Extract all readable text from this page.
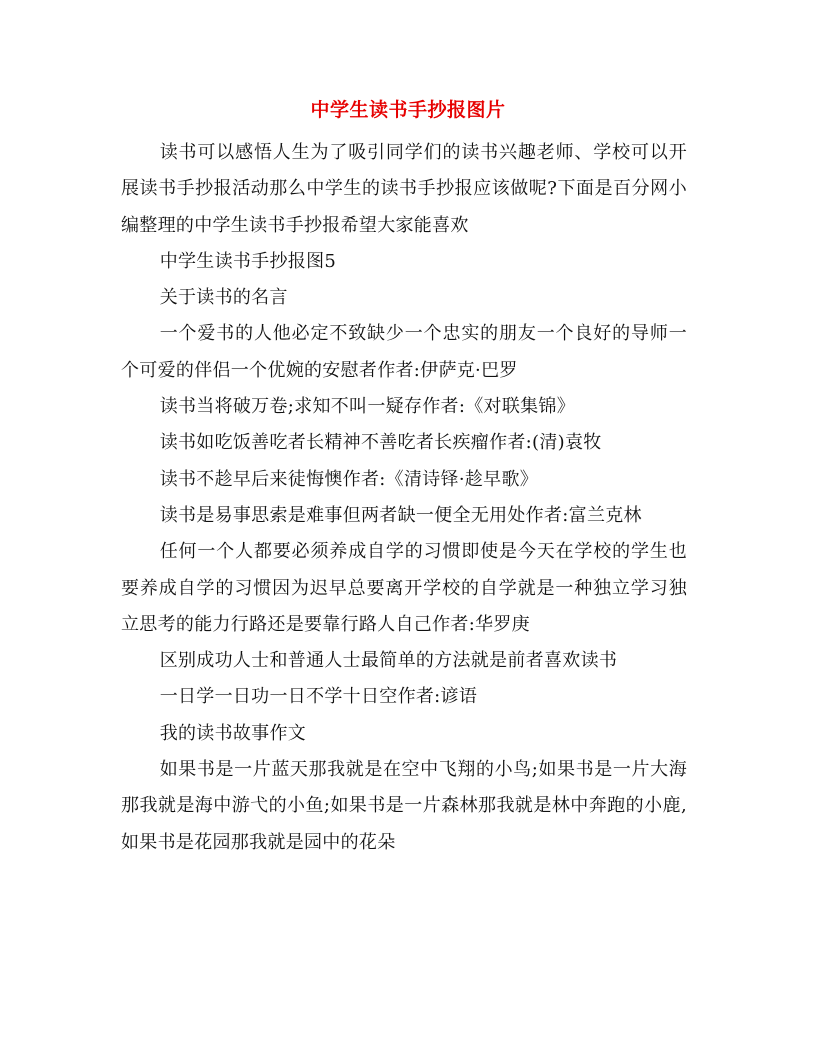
中学生读书手抄报图片

读书可以感悟人生为了吸引同学们的读书兴趣老师、学校可以开展读书手抄报活动那么中学生的读书手抄报应该做呢?下面是百分网小编整理的中学生读书手抄报希望大家能喜欢

中学生读书手抄报图5

关于读书的名言

一个爱书的人他必定不致缺少一个忠实的朋友一个良好的导师一个可爱的伴侣一个优婉的安慰者作者:伊萨克·巴罗

读书当将破万卷;求知不叫一疑存作者:《对联集锦》

读书如吃饭善吃者长精神不善吃者长疾瘤作者:(清)袁牧

读书不趁早后来徒悔懊作者:《清诗铎·趁早歌》

读书是易事思索是难事但两者缺一便全无用处作者:富兰克林

任何一个人都要必须养成自学的习惯即使是今天在学校的学生也要养成自学的习惯因为迟早总要离开学校的自学就是一种独立学习独立思考的能力行路还是要靠行路人自己作者:华罗庚

区别成功人士和普通人士最简单的方法就是前者喜欢读书

一日学一日功一日不学十日空作者:谚语

我的读书故事作文

如果书是一片蓝天那我就是在空中飞翔的小鸟;如果书是一片大海那我就是海中游弋的小鱼;如果书是一片森林那我就是林中奔跑的小鹿,如果书是花园那我就是园中的花朵
